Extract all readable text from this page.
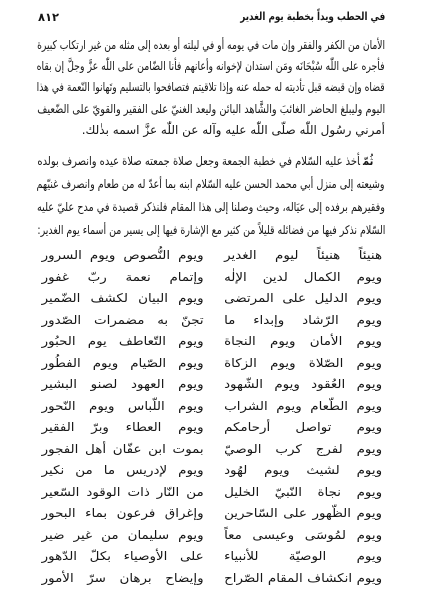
في الحطب ويداً بخطبة يوم الغدير
٨١٢
الأمان من الكفر والفقر وإن مات في يومه أو في ليلته أو بعده إلى مثله من غير ارتكاب كبيرة
فأجره على اللّٰه سُبْحَانَه ومَن استدان لإخوانه وأعانهم فأنا الضّامن على اللّٰه عزَّ وجلَّ إن بقاه
قضاه وإن قبضه قبل تأديته له حمله عنه وإذا تلاقيتم فتصافحوا بالتسليم وتَهانوا النّعمة في هذا
اليوم وليبلغ الحاضر الغائبَ والشَّاهد البائن وليعد الغنيّ على الفقير والقويّ على الضّعيف
أمرني رسُول اللّٰه صلّى اللّٰه عليه وآله عن اللّٰه عزَّ اسمه بذٰلك.
ثُمّأخذ عليه السّلام في خطبة الجمعة وجعل صلاة جمعته صلاة عيده وانصرف بولده
وشيعته إلى منزل أبي محمد الحسن عليه السّلام ابنه بما أعدّ له من طعام وانصرف غنيّهم
وفقيرهم برفده إلى عيَاله، وحيث وصلنا إلى هذا المقام فلنذكر قصيدة في مدح عليّ عليه
السّلام نذكر فيها من فضائله قليلاً من كثير مع الإشارة فيها إلى يسير من أسماء يوم الغدير:
هنيئاً هنيئاً ليوم الغدير
ويوم النُّصوص ويوم السرور
ويوم الكمال لدين الإلٰه
وإتمام نعمة ربّ غفور
ويوم الدليل على المرتضى
ويوم البيان لكشف الضّمير
ويوم الرّشاد وإبداء ما
تجنّ به مضمرات الصّدور
ويوم الأمان ويوم النجاة
ويوم التّعاطف يوم الحبُور
ويوم الصّلاة ويوم الزكاة
ويوم الصّيام ويوم الفطُور
ويوم العُقود ويوم الشّهود
ويوم العهود لصنو البشير
ويوم الطّعام ويوم الشراب
ويوم اللّباس ويوم النّحور
ويوم تواصل أرحامكم
ويوم العطاء وبرّ الفقير
ويوم لفرج كرب الوصيّ
بموت ابن عفّان أهل الفجور
ويوم لشيث ويوم لهُود
ويوم لإدريس ما من نكير
ويوم نجاة النّبيّ الخليل
من النّار ذات الوقود السّعير
ويوم الظّهور على السّاحرين
وإغراق فرعون بماء البحور
ويوم لمُوسَى وعيسى معاً
ويوم سليمان من غير ضير
ويوم الوصيّة للأنبياء
على الأوصياء بكلّ الدّهور
ويوم انكشاف المقام الصّراح
وإيضاح برهان سرّ الأمور
